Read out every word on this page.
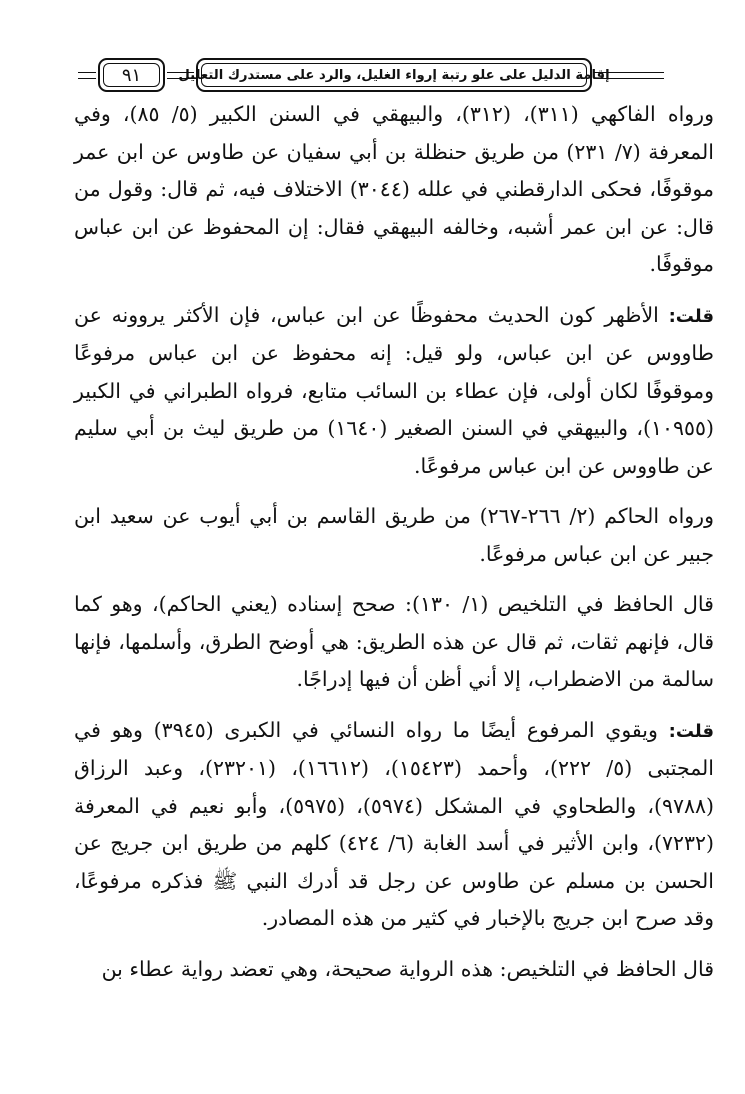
٩١	إقامة الدليل على علو رتبة إرواء الغليل، والرد على مستدرك التعليل

ورواه الفاكهي (٣١١)، (٣١٢)، والبيهقي في السنن الكبير (٥/ ٨٥)، وفي المعرفة (٧/ ٢٣١) من طريق حنظلة بن أبي سفيان عن طاوس عن ابن عمر موقوفًا، فحكى الدارقطني في علله (٣٠٤٤) الاختلاف فيه، ثم قال: وقول من قال: عن ابن عمر أشبه، وخالفه البيهقي فقال: إن المحفوظ عن ابن عباس موقوفًا.

قلت: الأظهر كون الحديث محفوظًا عن ابن عباس، فإن الأكثر يروونه عن طاووس عن ابن عباس، ولو قيل: إنه محفوظ عن ابن عباس مرفوعًا وموقوفًا لكان أولى، فإن عطاء بن السائب متابع، فرواه الطبراني في الكبير (١٠٩٥٥)، والبيهقي في السنن الصغير (١٦٤٠) من طريق ليث بن أبي سليم عن طاووس عن ابن عباس مرفوعًا.

ورواه الحاكم (٢/ ٢٦٦-٢٦٧) من طريق القاسم بن أبي أيوب عن سعيد ابن جبير عن ابن عباس مرفوعًا.

قال الحافظ في التلخيص (١/ ١٣٠): صحح إسناده (يعني الحاكم)، وهو كما قال، فإنهم ثقات، ثم قال عن هذه الطريق: هي أوضح الطرق، وأسلمها، فإنها سالمة من الاضطراب، إلا أني أظن أن فيها إدراجًا.

قلت: ويقوي المرفوع أيضًا ما رواه النسائي في الكبرى (٣٩٤٥) وهو في المجتبى (٥/ ٢٢٢)، وأحمد (١٥٤٢٣)، (١٦٦١٢)، (٢٣٢٠١)، وعبد الرزاق (٩٧٨٨)، والطحاوي في المشكل (٥٩٧٤)، (٥٩٧٥)، وأبو نعيم في المعرفة (٧٢٣٢)، وابن الأثير في أسد الغابة (٦/ ٤٢٤) كلهم من طريق ابن جريج عن الحسن بن مسلم عن طاوس عن رجل قد أدرك النبي ﷺ فذكره مرفوعًا، وقد صرح ابن جريج بالإخبار في كثير من هذه المصادر.

قال الحافظ في التلخيص: هذه الرواية صحيحة، وهي تعضد رواية عطاء بن
